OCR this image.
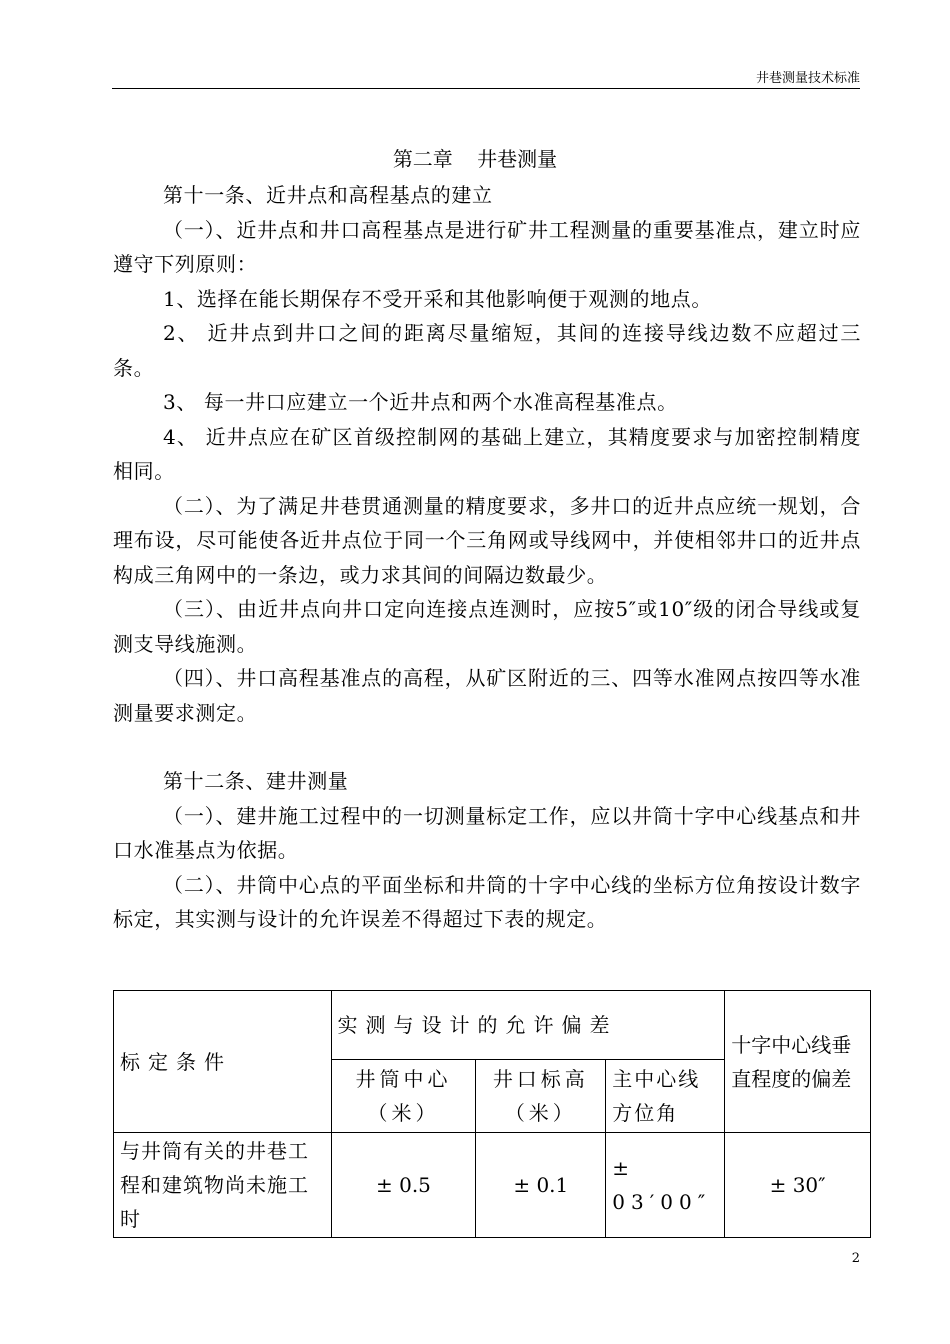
井巷测量技术标准
第二章 井巷测量

第十一条、近井点和高程基点的建立

（一）、近井点和井口高程基点是进行矿井工程测量的重要基准点，建立时应遵守下列原则：

1、选择在能长期保存不受开采和其他影响便于观测的地点。

2、 近井点到井口之间的距离尽量缩短，其间的连接导线边数不应超过三条。

3、 每一井口应建立一个近井点和两个水准高程基准点。

4、 近井点应在矿区首级控制网的基础上建立，其精度要求与加密控制精度相同。

（二）、为了满足井巷贯通测量的精度要求，多井口的近井点应统一规划，合理布设，尽可能使各近井点位于同一个三角网或导线网中，并使相邻井口的近井点构成三角网中的一条边，或力求其间的间隔边数最少。

（三）、由近井点向井口定向连接点连测时，应按5″或10″级的闭合导线或复测支导线施测。

（四）、井口高程基准点的高程，从矿区附近的三、四等水准网点按四等水准测量要求测定。

第十二条、建井测量

（一）、建井施工过程中的一切测量标定工作，应以井筒十字中心线基点和井口水准基点为依据。

（二）、井筒中心点的平面坐标和井筒的十字中心线的坐标方位角按设计数字标定，其实测与设计的允许误差不得超过下表的规定。

标定条件	实测与设计的允许偏差			十字中心线垂直程度的偏差
	井筒中心（米）	井口标高（米）	主中心线方位角	
与井筒有关的井巷工程和建筑物尚未施工时	± 0.5	± 0.1	± 03′00″	± 30″
2
